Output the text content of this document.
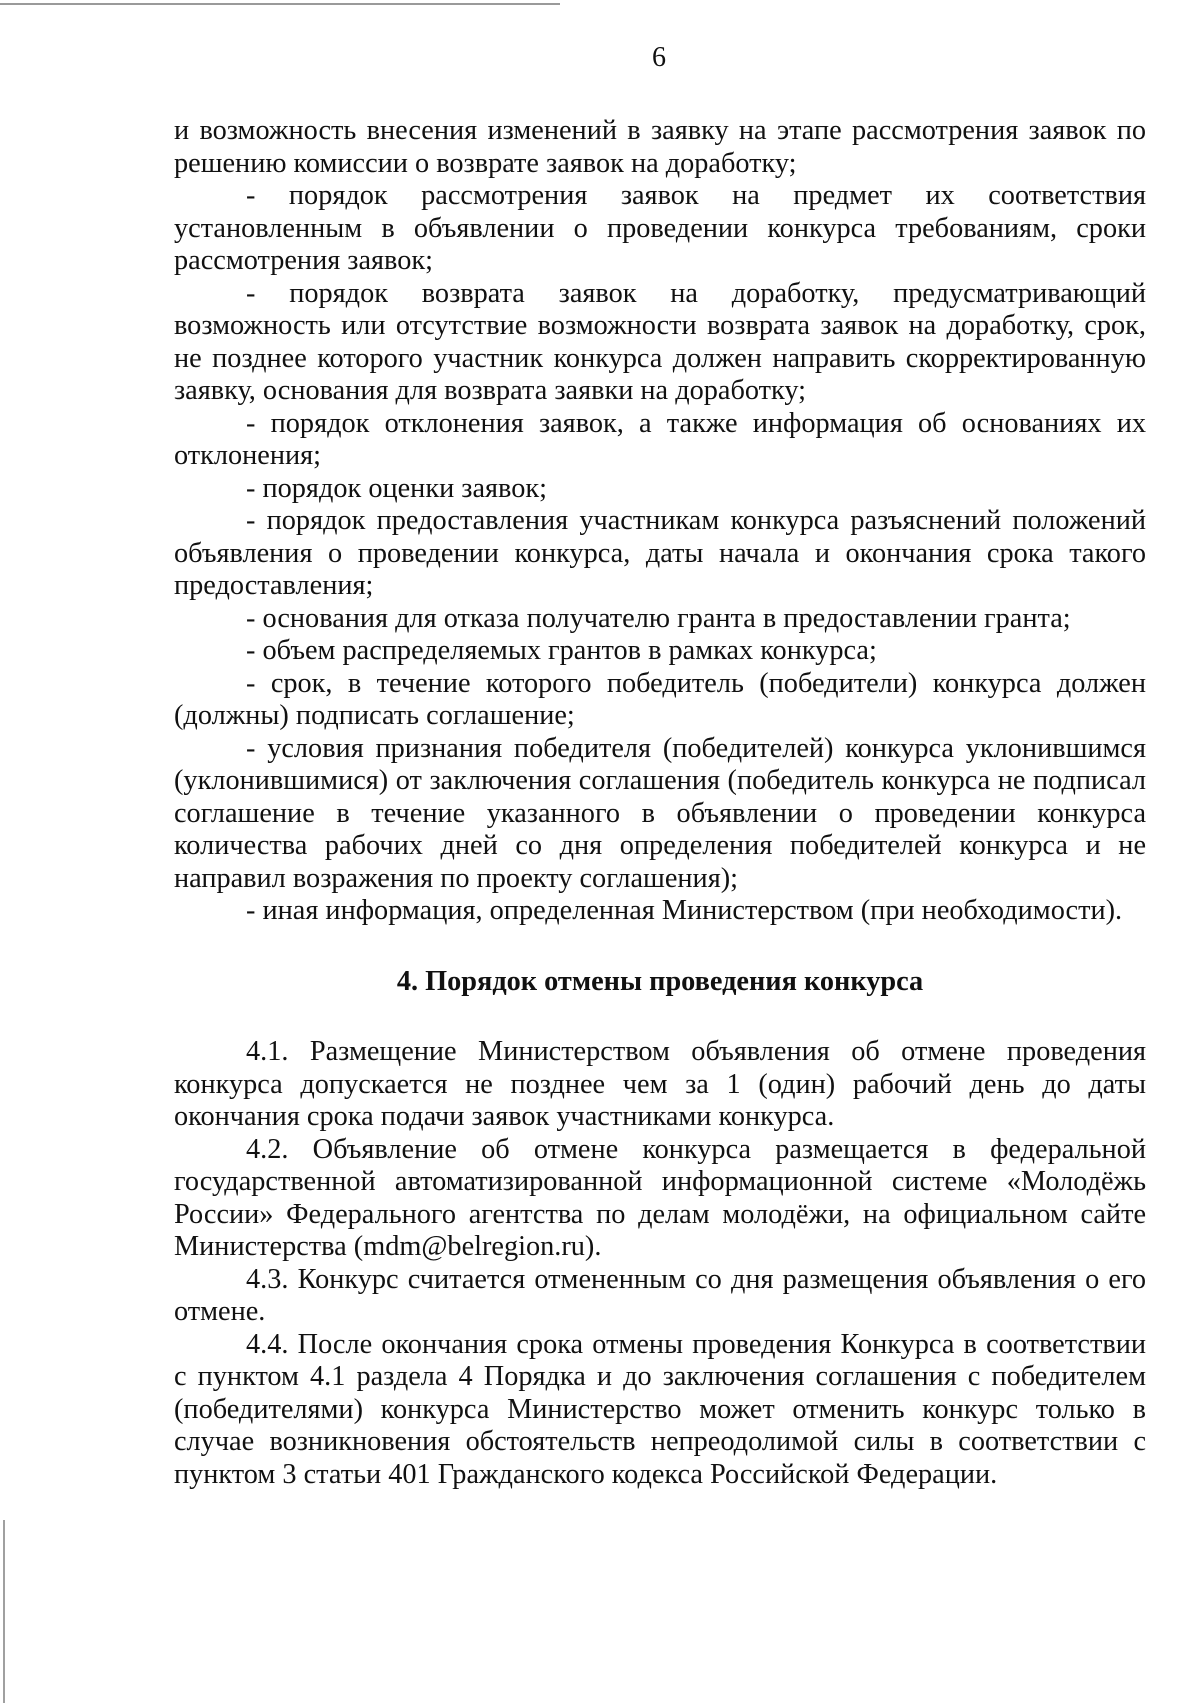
6

и возможность внесения изменений в заявку на этапе рассмотрения заявок по решению комиссии о возврате заявок на доработку;

- порядок рассмотрения заявок на предмет их соответствия установленным в объявлении о проведении конкурса требованиям, сроки рассмотрения заявок;

- порядок возврата заявок на доработку, предусматривающий возможность или отсутствие возможности возврата заявок на доработку, срок, не позднее которого участник конкурса должен направить скорректированную заявку, основания для возврата заявки на доработку;

- порядок отклонения заявок, а также информация об основаниях их отклонения;

- порядок оценки заявок;

- порядок предоставления участникам конкурса разъяснений положений объявления о проведении конкурса, даты начала и окончания срока такого предоставления;

- основания для отказа получателю гранта в предоставлении гранта;

- объем распределяемых грантов в рамках конкурса;

- срок, в течение которого победитель (победители) конкурса должен (должны) подписать соглашение;

- условия признания победителя (победителей) конкурса уклонившимся (уклонившимися) от заключения соглашения (победитель конкурса не подписал соглашение в течение указанного в объявлении о проведении конкурса количества рабочих дней со дня определения победителей конкурса и не направил возражения по проекту соглашения);

- иная информация, определенная Министерством (при необходимости).

4. Порядок отмены проведения конкурса

4.1. Размещение Министерством объявления об отмене проведения конкурса допускается не позднее чем за 1 (один) рабочий день до даты окончания срока подачи заявок участниками конкурса.

4.2. Объявление об отмене конкурса размещается в федеральной государственной автоматизированной информационной системе «Молодёжь России» Федерального агентства по делам молодёжи, на официальном сайте Министерства (mdm@belregion.ru).

4.3. Конкурс считается отмененным со дня размещения объявления о его отмене.

4.4. После окончания срока отмены проведения Конкурса в соответствии с пунктом 4.1 раздела 4 Порядка и до заключения соглашения с победителем (победителями) конкурса Министерство может отменить конкурс только в случае возникновения обстоятельств непреодолимой силы в соответствии с пунктом 3 статьи 401 Гражданского кодекса Российской Федерации.
